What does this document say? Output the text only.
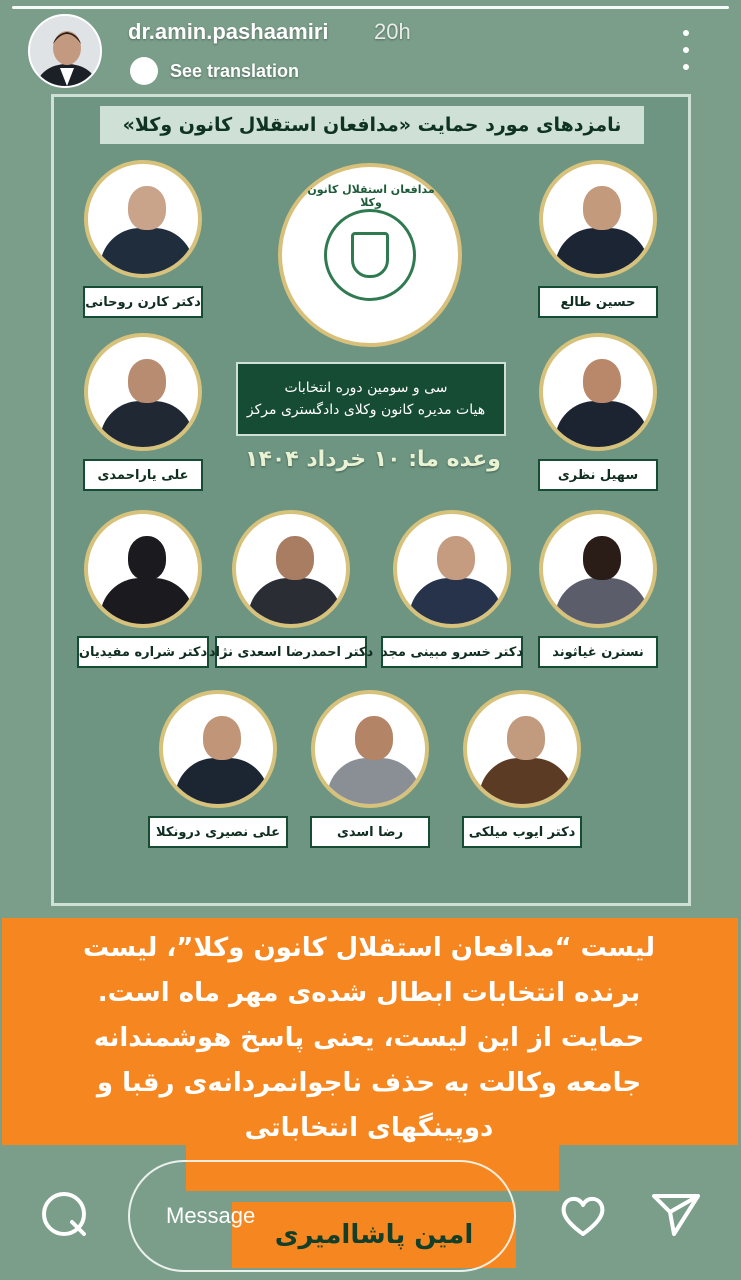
نامزدهای مورد حمایت «مدافعان استقلال کانون وکلا»
مدافعان استقلال کانون وکلا
سی و سومین دوره انتخابات
هیات مدیره کانون وکلای دادگستری مرکز
وعده ما: ۱۰ خرداد ۱۴۰۴
دکتر کارن روحانی	حسین طالع
علی یاراحمدی	سهیل نظری
دکتر شراره مفیدیان دکتر احمدرضا اسعدی نژاد دکتر خسرو مبینی مجد	نسترن غیاثوند
علی نصیری درونکلا	رضا اسدی	دکتر ایوب میلکی
dr.amin.pashaamiri 20h
See translation
لیست “مدافعان استقلال کانون وکلا”، لیست
برنده انتخابات ابطال شده‌ی مهر ماه است.
حمایت از این لیست، یعنی پاسخ هوشمندانه
جامعه وکالت به حذف ناجوانمردانه‌ی رقبا و
دوپینگهای انتخاباتی
امین پاشاامیری
Message
